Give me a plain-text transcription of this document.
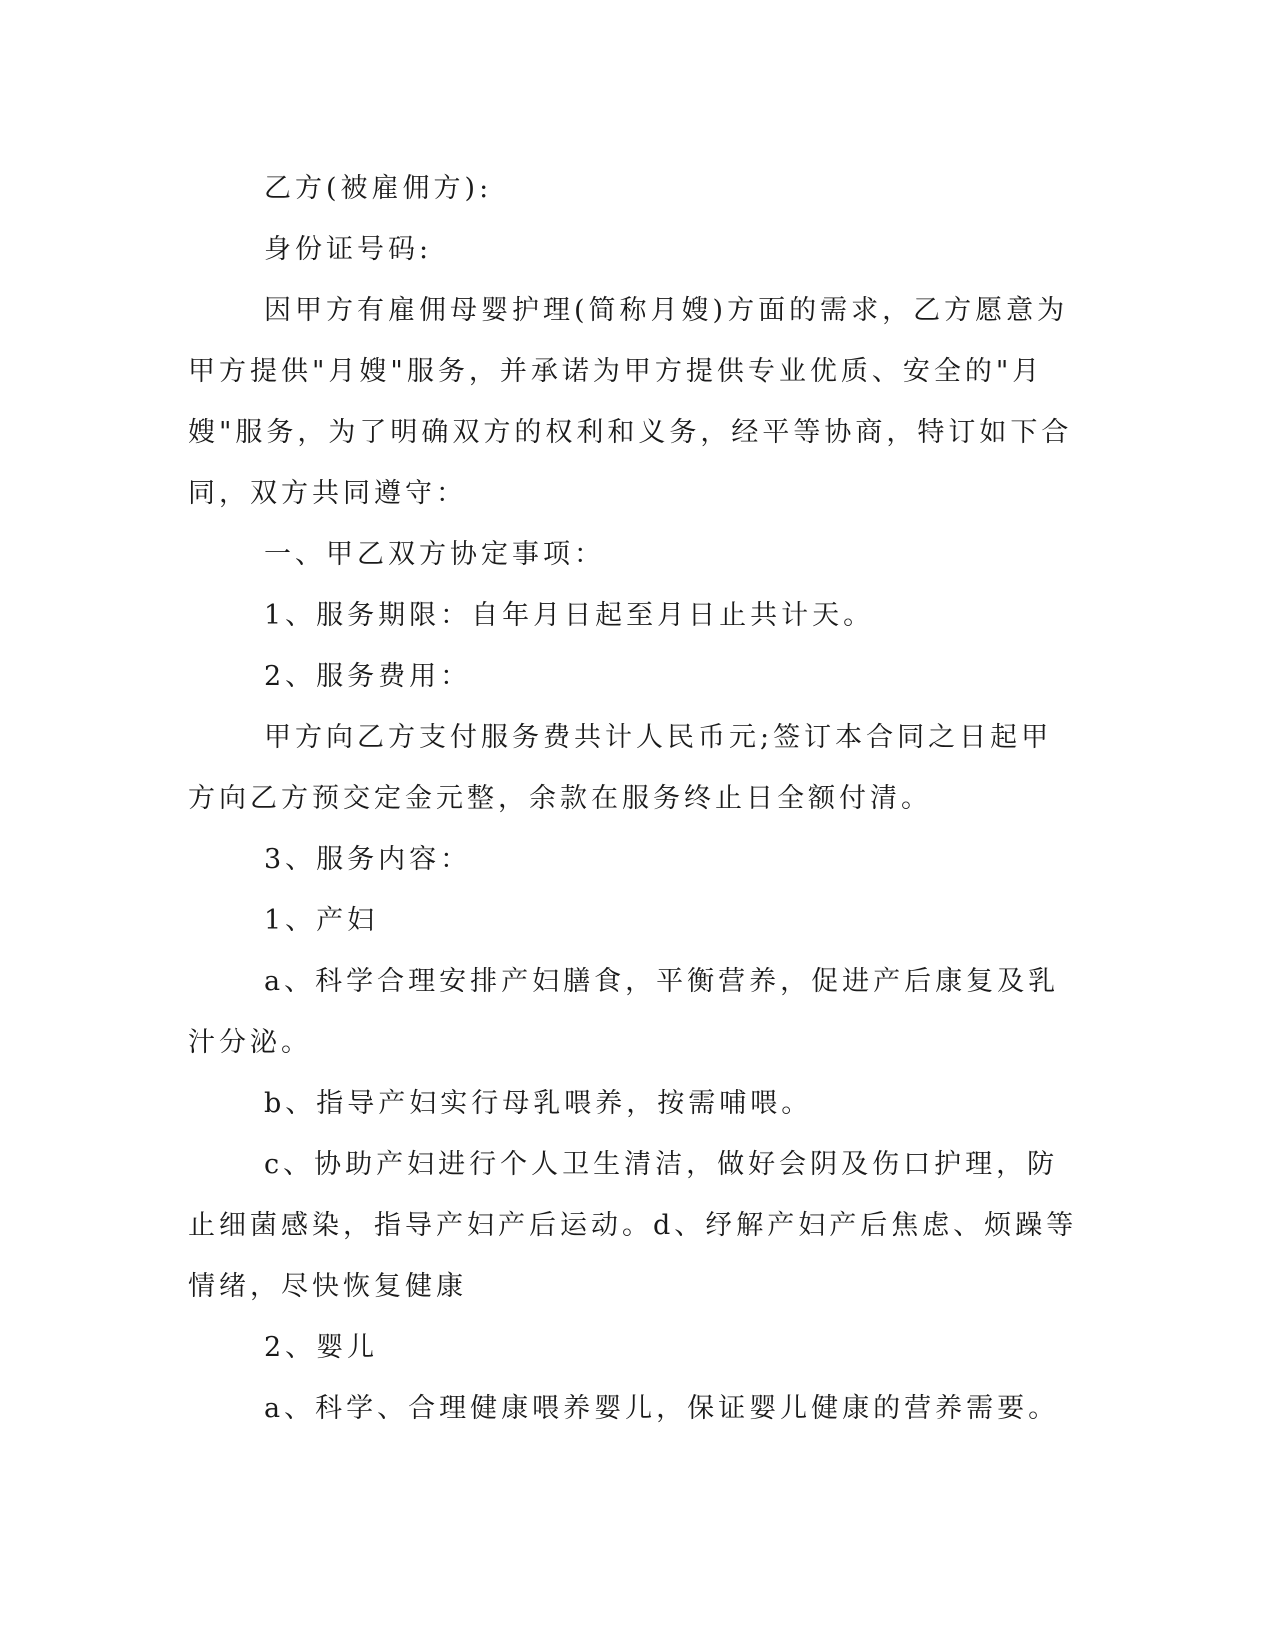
乙方(被雇佣方):

身份证号码:

因甲方有雇佣母婴护理(简称月嫂)方面的需求，乙方愿意为甲方提供"月嫂"服务，并承诺为甲方提供专业优质、安全的"月嫂"服务，为了明确双方的权利和义务，经平等协商，特订如下合同，双方共同遵守：

一、甲乙双方协定事项：

1、服务期限：自年月日起至月日止共计天。

2、服务费用：

甲方向乙方支付服务费共计人民币元;签订本合同之日起甲方向乙方预交定金元整，余款在服务终止日全额付清。

3、服务内容：

1、产妇

a、科学合理安排产妇膳食，平衡营养，促进产后康复及乳汁分泌。

b、指导产妇实行母乳喂养，按需哺喂。

c、协助产妇进行个人卫生清洁，做好会阴及伤口护理，防止细菌感染，指导产妇产后运动。d、纾解产妇产后焦虑、烦躁等情绪，尽快恢复健康

2、婴儿

a、科学、合理健康喂养婴儿，保证婴儿健康的营养需要。
